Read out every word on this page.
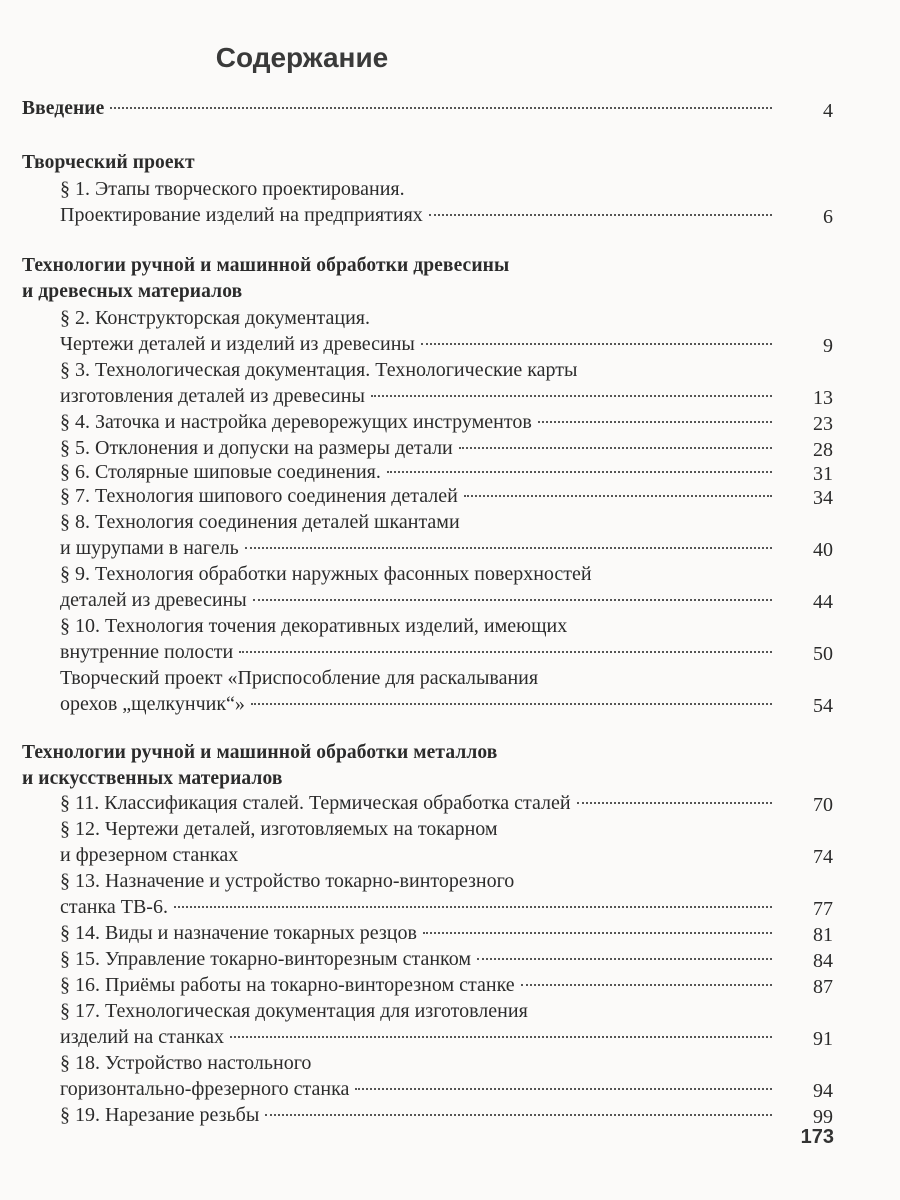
Содержание
Введение	4
Творческий проект
§ 1. Этапы творческого проектирования.
Проектирование изделий на предприятиях	6
Технологии ручной и машинной обработки древесины
и древесных материалов
§ 2. Конструкторская документация.
Чертежи деталей и изделий из древесины	9
§ 3. Технологическая документация. Технологические карты
изготовления деталей из древесины	13
§ 4. Заточка и настройка дереворежущих инструментов	23
§ 5. Отклонения и допуски на размеры детали	28
§ 6. Столярные шиповые соединения.	31
§ 7. Технология шипового соединения деталей	34
§ 8. Технология соединения деталей шкантами
и шурупами в нагель	40
§ 9. Технология обработки наружных фасонных поверхностей
деталей из древесины	44
§ 10. Технология точения декоративных изделий, имеющих
внутренние полости	50
Творческий проект «Приспособление для раскалывания
орехов „щелкунчик“»	54
Технологии ручной и машинной обработки металлов
и искусственных материалов
§ 11. Классификация сталей. Термическая обработка сталей	70
§ 12. Чертежи деталей, изготовляемых на токарном
и фрезерном станках	74
§ 13. Назначение и устройство токарно-винторезного
станка ТВ-6.	77
§ 14. Виды и назначение токарных резцов	81
§ 15. Управление токарно-винторезным станком	84
§ 16. Приёмы работы на токарно-винторезном станке	87
§ 17. Технологическая документация для изготовления
изделий на станках	91
§ 18. Устройство настольного
горизонтально-фрезерного станка	94
§ 19. Нарезание резьбы	99
173
